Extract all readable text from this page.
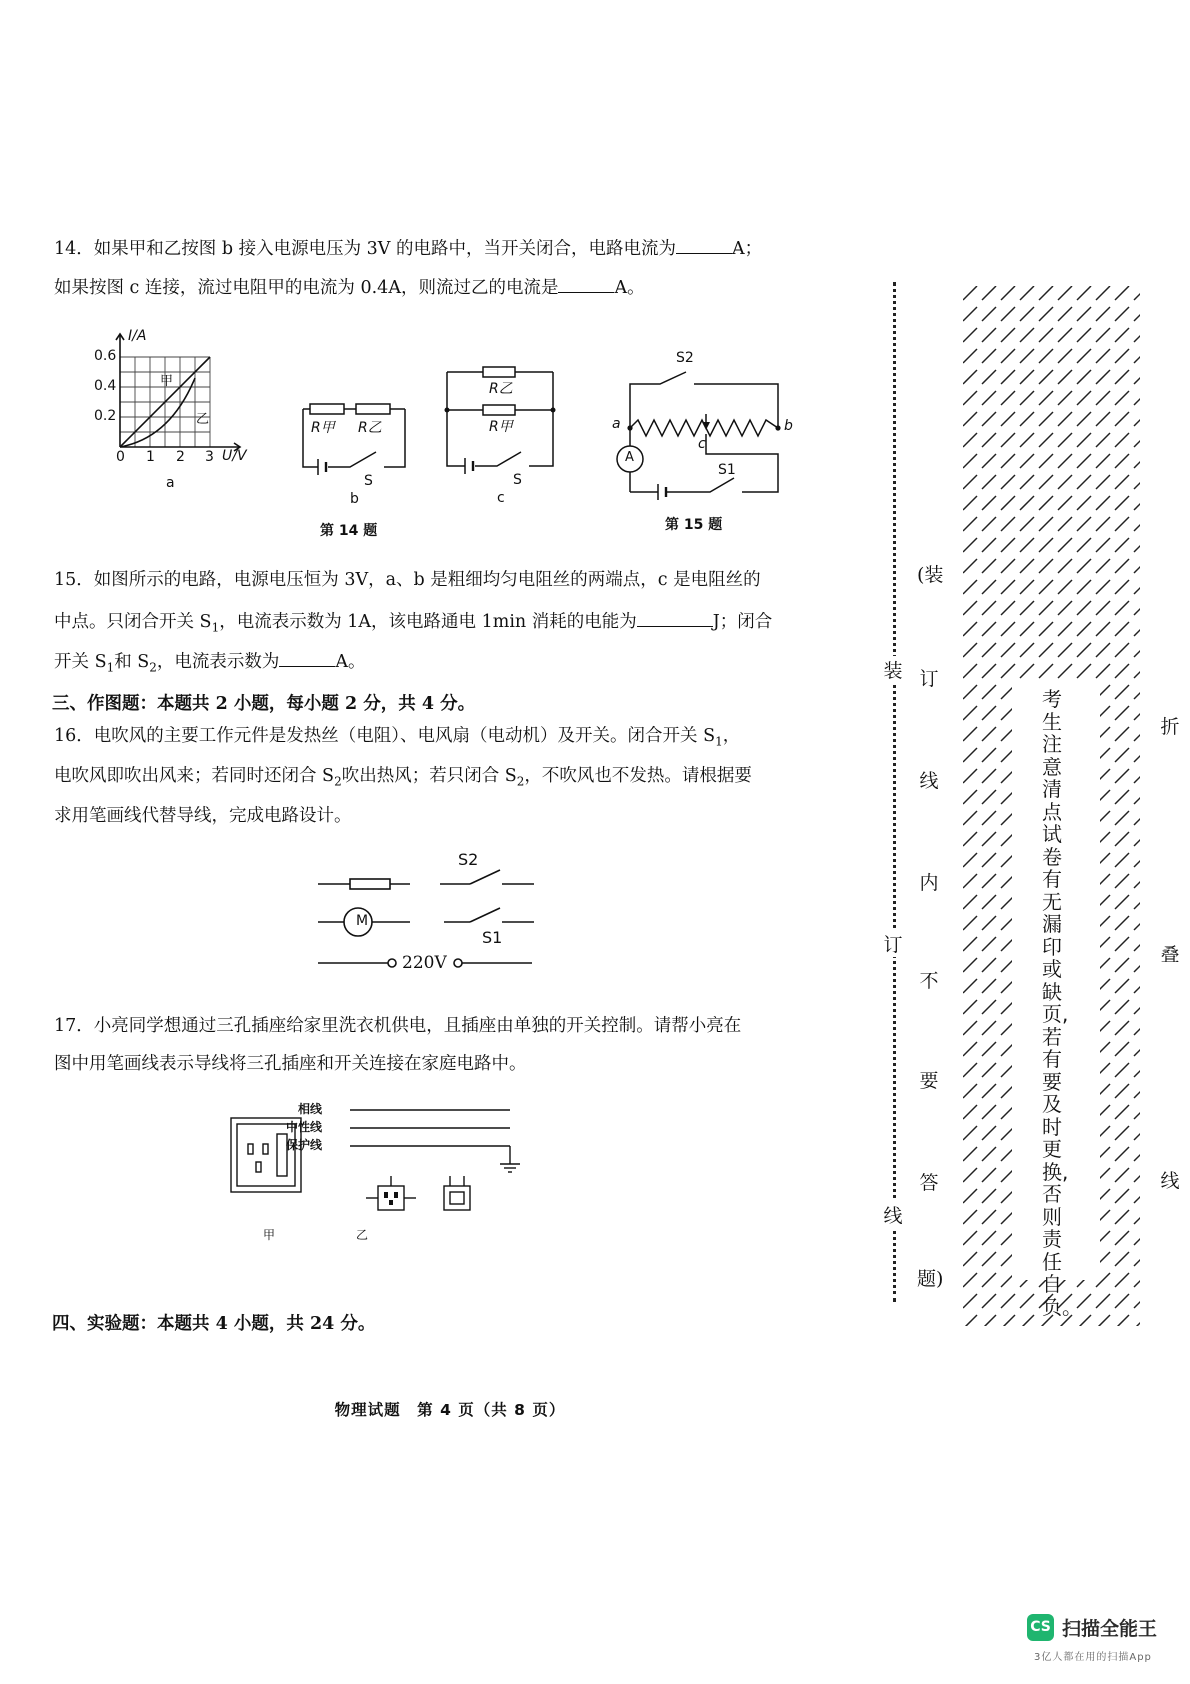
14．如果甲和乙按图 b 接入电源电压为 3V 的电路中，当开关闭合，电路电流为	A；
如果按图 c 连接，流过电阻甲的电流为 0.4A，则流过乙的电流是	A。
I/A
U/V
0.6
0.4
0.2
0 1 2 3
甲
乙
a
R甲 R乙
S
b
R乙
R甲
S
c
第 14 题
A
a	b
c
S2
S1
第 15 题
15．如图所示的电路，电源电压恒为 3V，a、b 是粗细均匀电阻丝的两端点，c 是电阻丝的
中点。只闭合开关 $S_1$，电流表示数为 1A，该电路通电 1min 消耗的电能为	J；闭合
开关 $S_1$和 $S_2$，电流表示数为	A。
三、作图题：本题共 2 小题，每小题 2 分，共 4 分。
16．电吹风的主要工作元件是发热丝（电阻）、电风扇（电动机）及开关。闭合开关 $S_1$，
电吹风即吹出风来；若同时还闭合 $S_2$吹出热风；若只闭合 $S_2$，不吹风也不发热。请根据要
求用笔画线代替导线，完成电路设计。
M
S2
S1
220V
17．小亮同学想通过三孔插座给家里洗衣机供电，且插座由单独的开关控制。请帮小亮在
图中用笔画线表示导线将三孔插座和开关连接在家庭电路中。
相线
中性线
保护线
甲	乙
四、实验题：本题共 4 小题，共 24 分。
物理试题　第 4 页（共 8 页）
装
订
线
(装
订
线
内
不
要
答
题)
考生注意清点试卷有无漏印或缺页,若有要及时更换,否则责任自负。
折
叠
线
CS 扫描全能王
3亿人都在用的扫描App
